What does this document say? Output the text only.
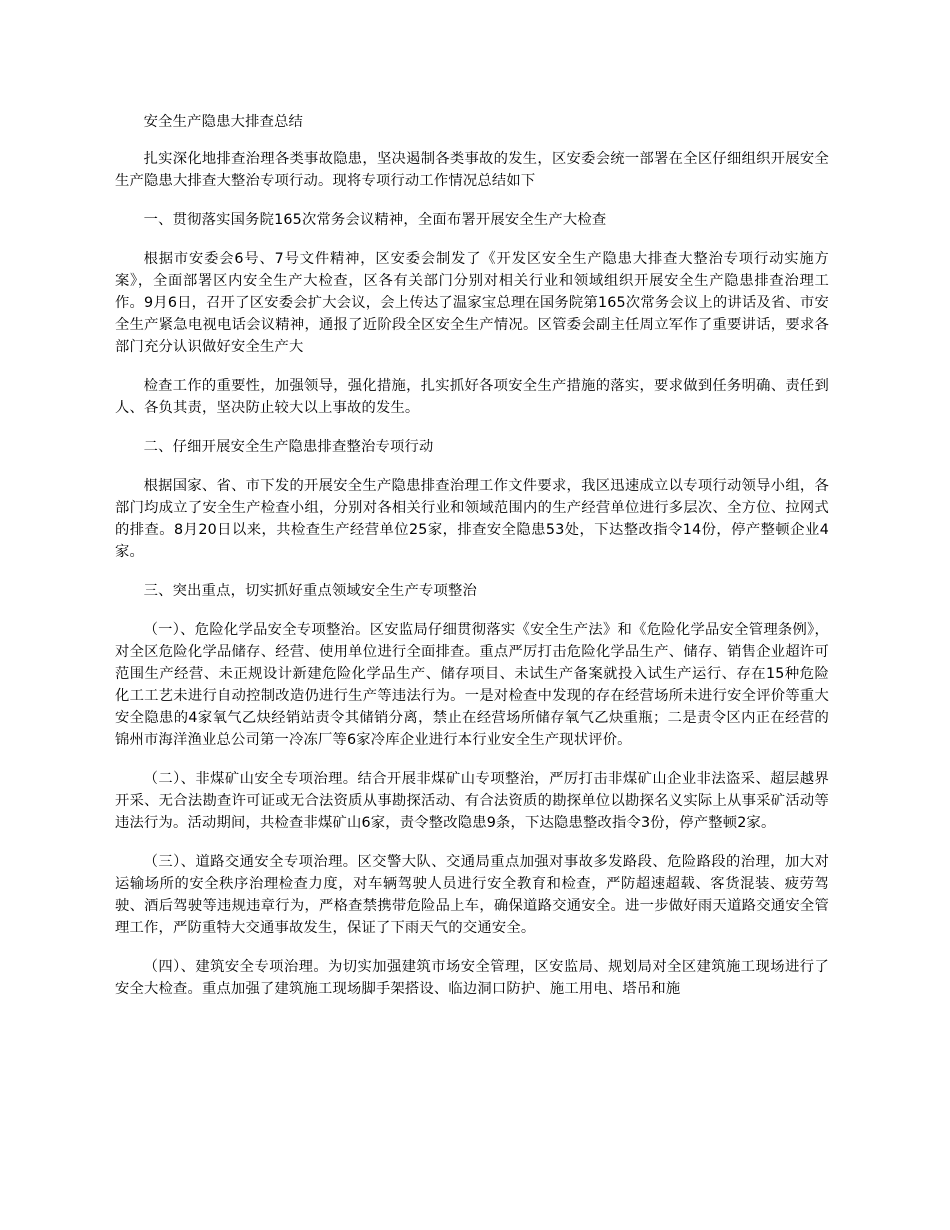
安全生产隐患大排查总结

扎实深化地排查治理各类事故隐患，坚决遏制各类事故的发生，区安委会统一部署在全区仔细组织开展安全生产隐患大排查大整治专项行动。现将专项行动工作情况总结如下

一、贯彻落实国务院165次常务会议精神，全面布署开展安全生产大检查

根据市安委会6号、7号文件精神，区安委会制发了《开发区安全生产隐患大排查大整治专项行动实施方案》，全面部署区内安全生产大检查，区各有关部门分别对相关行业和领域组织开展安全生产隐患排查治理工作。9月6日，召开了区安委会扩大会议，会上传达了温家宝总理在国务院第165次常务会议上的讲话及省、市安全生产紧急电视电话会议精神，通报了近阶段全区安全生产情况。区管委会副主任周立军作了重要讲话，要求各部门充分认识做好安全生产大

检查工作的重要性，加强领导，强化措施，扎实抓好各项安全生产措施的落实，要求做到任务明确、责任到人、各负其责，坚决防止较大以上事故的发生。

二、仔细开展安全生产隐患排查整治专项行动

根据国家、省、市下发的开展安全生产隐患排查治理工作文件要求，我区迅速成立以专项行动领导小组，各部门均成立了安全生产检查小组，分别对各相关行业和领域范围内的生产经营单位进行多层次、全方位、拉网式的排查。8月20日以来，共检查生产经营单位25家，排查安全隐患53处，下达整改指令14份，停产整顿企业4家。

三、突出重点，切实抓好重点领域安全生产专项整治

（一）、危险化学品安全专项整治。区安监局仔细贯彻落实《安全生产法》和《危险化学品安全管理条例》，对全区危险化学品储存、经营、使用单位进行全面排查。重点严厉打击危险化学品生产、储存、销售企业超许可范围生产经营、未正规设计新建危险化学品生产、储存项目、未试生产备案就投入试生产运行、存在15种危险化工工艺未进行自动控制改造仍进行生产等违法行为。一是对检查中发现的存在经营场所未进行安全评价等重大安全隐患的4家氧气乙炔经销站责令其储销分离，禁止在经营场所储存氧气乙炔重瓶；二是责令区内正在经营的锦州市海洋渔业总公司第一冷冻厂等6家冷库企业进行本行业安全生产现状评价。

（二）、非煤矿山安全专项治理。结合开展非煤矿山专项整治，严厉打击非煤矿山企业非法盗采、超层越界开采、无合法勘查许可证或无合法资质从事勘探活动、有合法资质的勘探单位以勘探名义实际上从事采矿活动等违法行为。活动期间，共检查非煤矿山6家，责令整改隐患9条，下达隐患整改指令3份，停产整顿2家。

（三）、道路交通安全专项治理。区交警大队、交通局重点加强对事故多发路段、危险路段的治理，加大对运输场所的安全秩序治理检查力度，对车辆驾驶人员进行安全教育和检查，严防超速超载、客货混装、疲劳驾驶、酒后驾驶等违规违章行为，严格查禁携带危险品上车，确保道路交通安全。进一步做好雨天道路交通安全管理工作，严防重特大交通事故发生，保证了下雨天气的交通安全。

（四）、建筑安全专项治理。为切实加强建筑市场安全管理，区安监局、规划局对全区建筑施工现场进行了安全大检查。重点加强了建筑施工现场脚手架搭设、临边洞口防护、施工用电、塔吊和施
